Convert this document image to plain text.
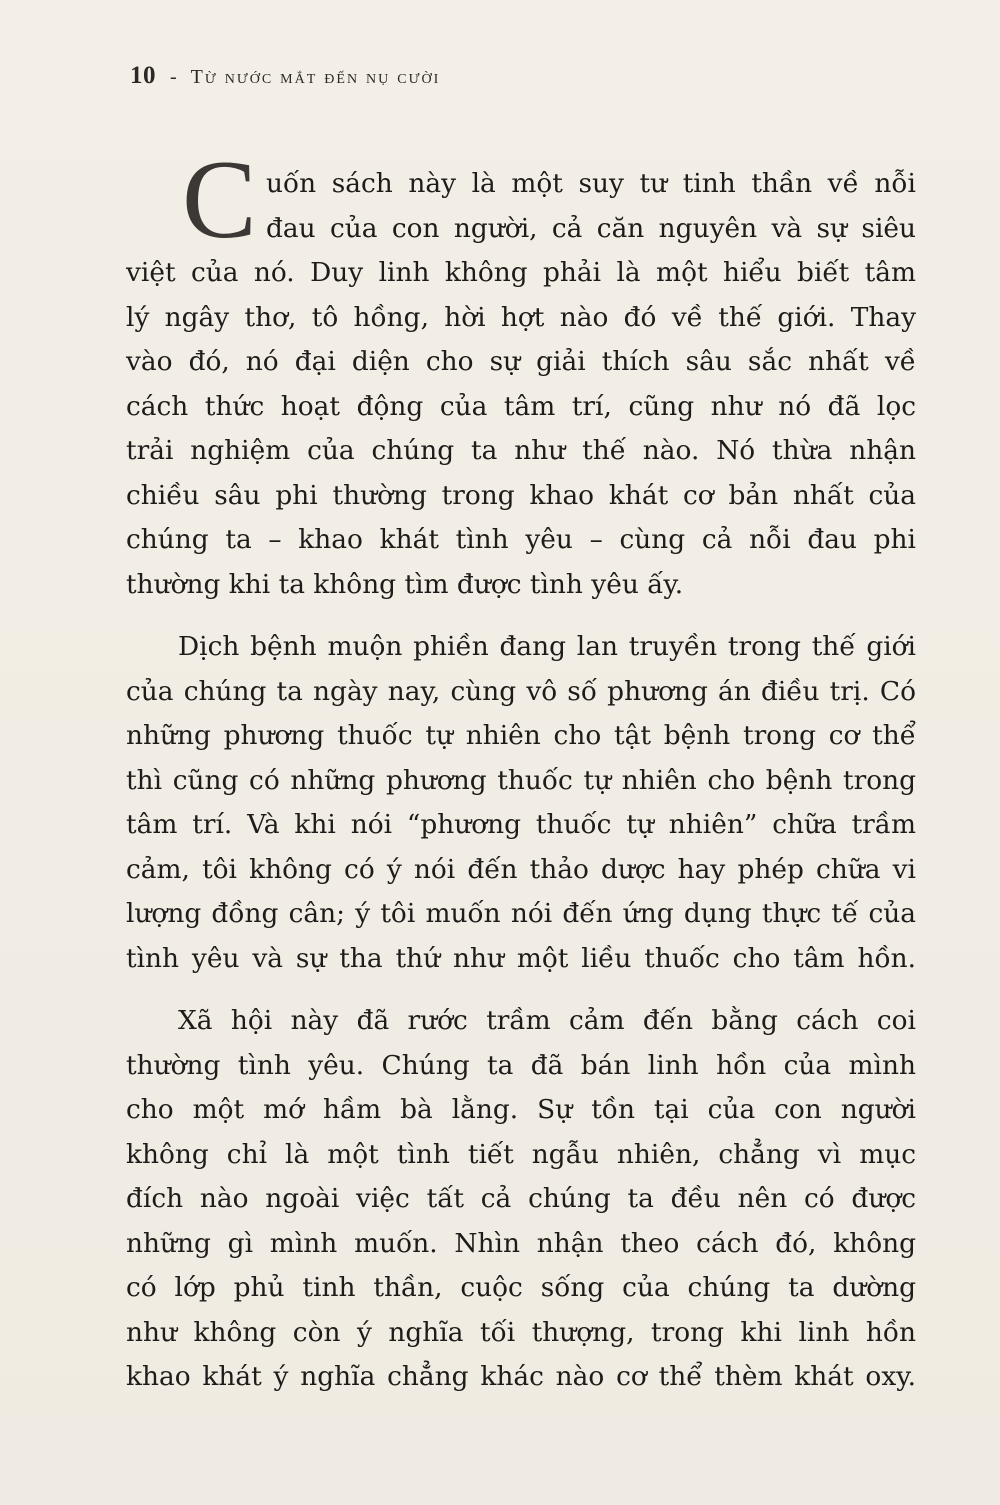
10 - Từ nước mắt đến nụ cười
C uốn sách này là một suy tư tinh thần về nỗi
đau của con người, cả căn nguyên và sự siêu
việt của nó. Duy linh không phải là một hiểu biết tâm
lý ngây thơ, tô hồng, hời hợt nào đó về thế giới. Thay
vào đó, nó đại diện cho sự giải thích sâu sắc nhất về
cách thức hoạt động của tâm trí, cũng như nó đã lọc
trải nghiệm của chúng ta như thế nào. Nó thừa nhận
chiều sâu phi thường trong khao khát cơ bản nhất của
chúng ta – khao khát tình yêu – cùng cả nỗi đau phi
thường khi ta không tìm được tình yêu ấy.
Dịch bệnh muộn phiền đang lan truyền trong thế giới
của chúng ta ngày nay, cùng vô số phương án điều trị. Có
những phương thuốc tự nhiên cho tật bệnh trong cơ thể
thì cũng có những phương thuốc tự nhiên cho bệnh trong
tâm trí. Và khi nói “phương thuốc tự nhiên” chữa trầm
cảm, tôi không có ý nói đến thảo dược hay phép chữa vi
lượng đồng cân; ý tôi muốn nói đến ứng dụng thực tế của
tình yêu và sự tha thứ như một liều thuốc cho tâm hồn.
Xã hội này đã rước trầm cảm đến bằng cách coi
thường tình yêu. Chúng ta đã bán linh hồn của mình
cho một mớ hầm bà lằng. Sự tồn tại của con người
không chỉ là một tình tiết ngẫu nhiên, chẳng vì mục
đích nào ngoài việc tất cả chúng ta đều nên có được
những gì mình muốn. Nhìn nhận theo cách đó, không
có lớp phủ tinh thần, cuộc sống của chúng ta dường
như không còn ý nghĩa tối thượng, trong khi linh hồn
khao khát ý nghĩa chẳng khác nào cơ thể thèm khát oxy.
